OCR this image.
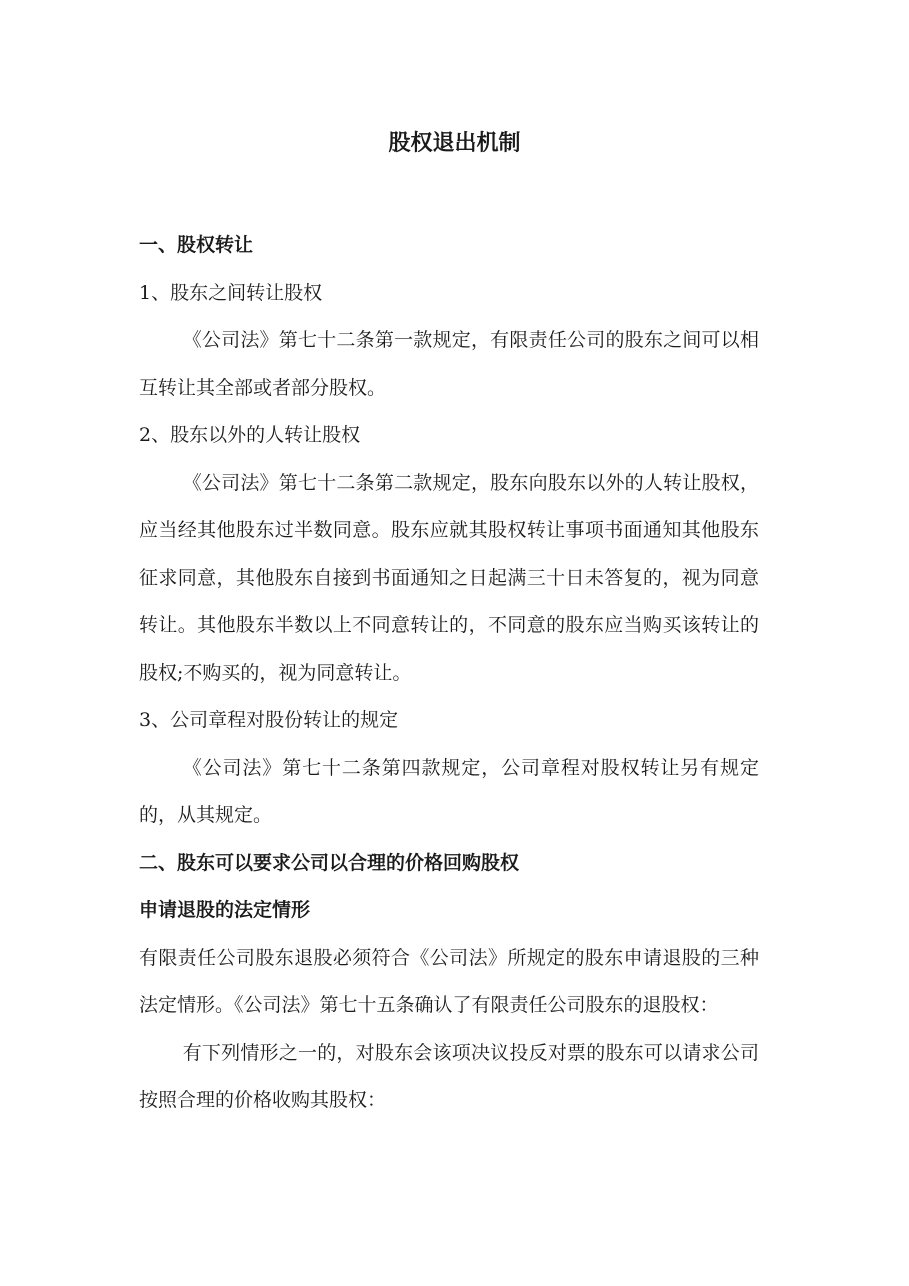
股权退出机制

一、股权转让

1、股东之间转让股权

《公司法》第七十二条第一款规定，有限责任公司的股东之间可以相互转让其全部或者部分股权。

2、股东以外的人转让股权

《公司法》第七十二条第二款规定，股东向股东以外的人转让股权，应当经其他股东过半数同意。股东应就其股权转让事项书面通知其他股东征求同意，其他股东自接到书面通知之日起满三十日未答复的，视为同意转让。其他股东半数以上不同意转让的，不同意的股东应当购买该转让的股权;不购买的，视为同意转让。

3、公司章程对股份转让的规定

《公司法》第七十二条第四款规定，公司章程对股权转让另有规定的，从其规定。

二、股东可以要求公司以合理的价格回购股权

申请退股的法定情形

有限责任公司股东退股必须符合《公司法》所规定的股东申请退股的三种法定情形。《公司法》第七十五条确认了有限责任公司股东的退股权：

有下列情形之一的，对股东会该项决议投反对票的股东可以请求公司按照合理的价格收购其股权：
